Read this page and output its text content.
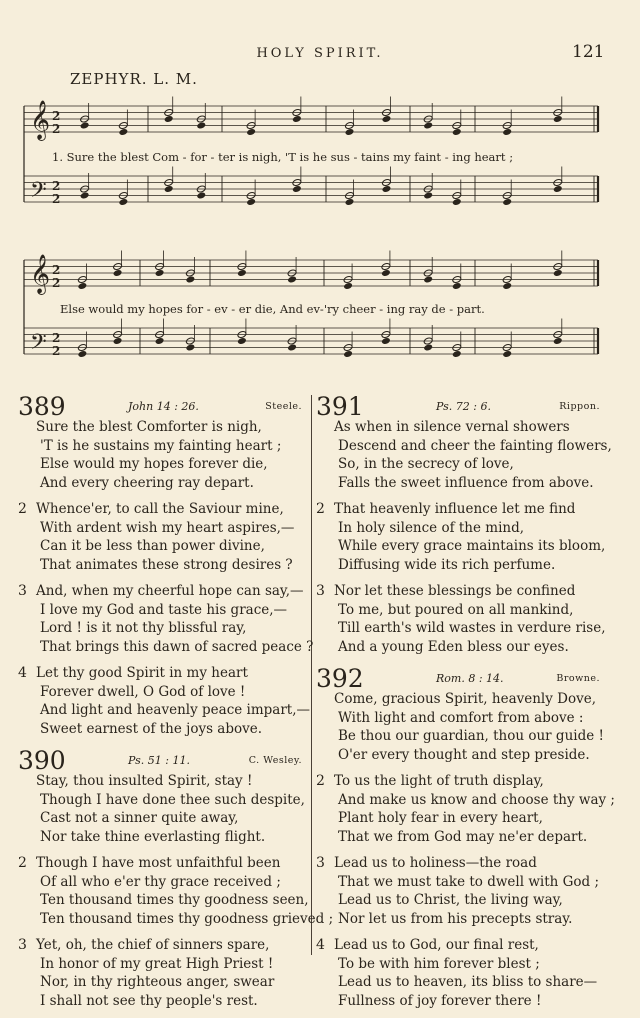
HOLY SPIRIT.	121
ZEPHYR. L. M.
𝄞 2
2
𝄢 2
2
1. Sure the blest Com - for - ter is nigh, 'T is he sus - tains my faint - ing heart ;
𝄞 2
2
𝄢 2
2
Else would my hopes for - ev - er die, And ev-'ry cheer - ing ray de - part.
389	John 14 : 26.	Steele.
Sure the blest Comforter is nigh,
'T is he sustains my fainting heart ;
Else would my hopes forever die,
And every cheering ray depart.
2 Whence'er, to call the Saviour mine,
With ardent wish my heart aspires,—
Can it be less than power divine,
That animates these strong desires ?
3 And, when my cheerful hope can say,—
I love my God and taste his grace,—
Lord ! is it not thy blissful ray,
That brings this dawn of sacred peace ?
4 Let thy good Spirit in my heart
Forever dwell, O God of love !
And light and heavenly peace impart,—
Sweet earnest of the joys above.
390	Ps. 51 : 11.	C. Wesley.
Stay, thou insulted Spirit, stay !
Though I have done thee such despite,
Cast not a sinner quite away,
Nor take thine everlasting flight.
2 Though I have most unfaithful been
Of all who e'er thy grace received ;
Ten thousand times thy goodness seen,
Ten thousand times thy goodness grieved ;
3 Yet, oh, the chief of sinners spare,
In honor of my great High Priest !
Nor, in thy righteous anger, swear
I shall not see thy people's rest.
391	Ps. 72 : 6.	Rippon.
As when in silence vernal showers
Descend and cheer the fainting flowers,
So, in the secrecy of love,
Falls the sweet influence from above.
2 That heavenly influence let me find
In holy silence of the mind,
While every grace maintains its bloom,
Diffusing wide its rich perfume.
3 Nor let these blessings be confined
To me, but poured on all mankind,
Till earth's wild wastes in verdure rise,
And a young Eden bless our eyes.
392	Rom. 8 : 14.	Browne.
Come, gracious Spirit, heavenly Dove,
With light and comfort from above :
Be thou our guardian, thou our guide !
O'er every thought and step preside.
2 To us the light of truth display,
And make us know and choose thy way ;
Plant holy fear in every heart,
That we from God may ne'er depart.
3 Lead us to holiness—the road
That we must take to dwell with God ;
Lead us to Christ, the living way,
Nor let us from his precepts stray.
4 Lead us to God, our final rest,
To be with him forever blest ;
Lead us to heaven, its bliss to share—
Fullness of joy forever there !
